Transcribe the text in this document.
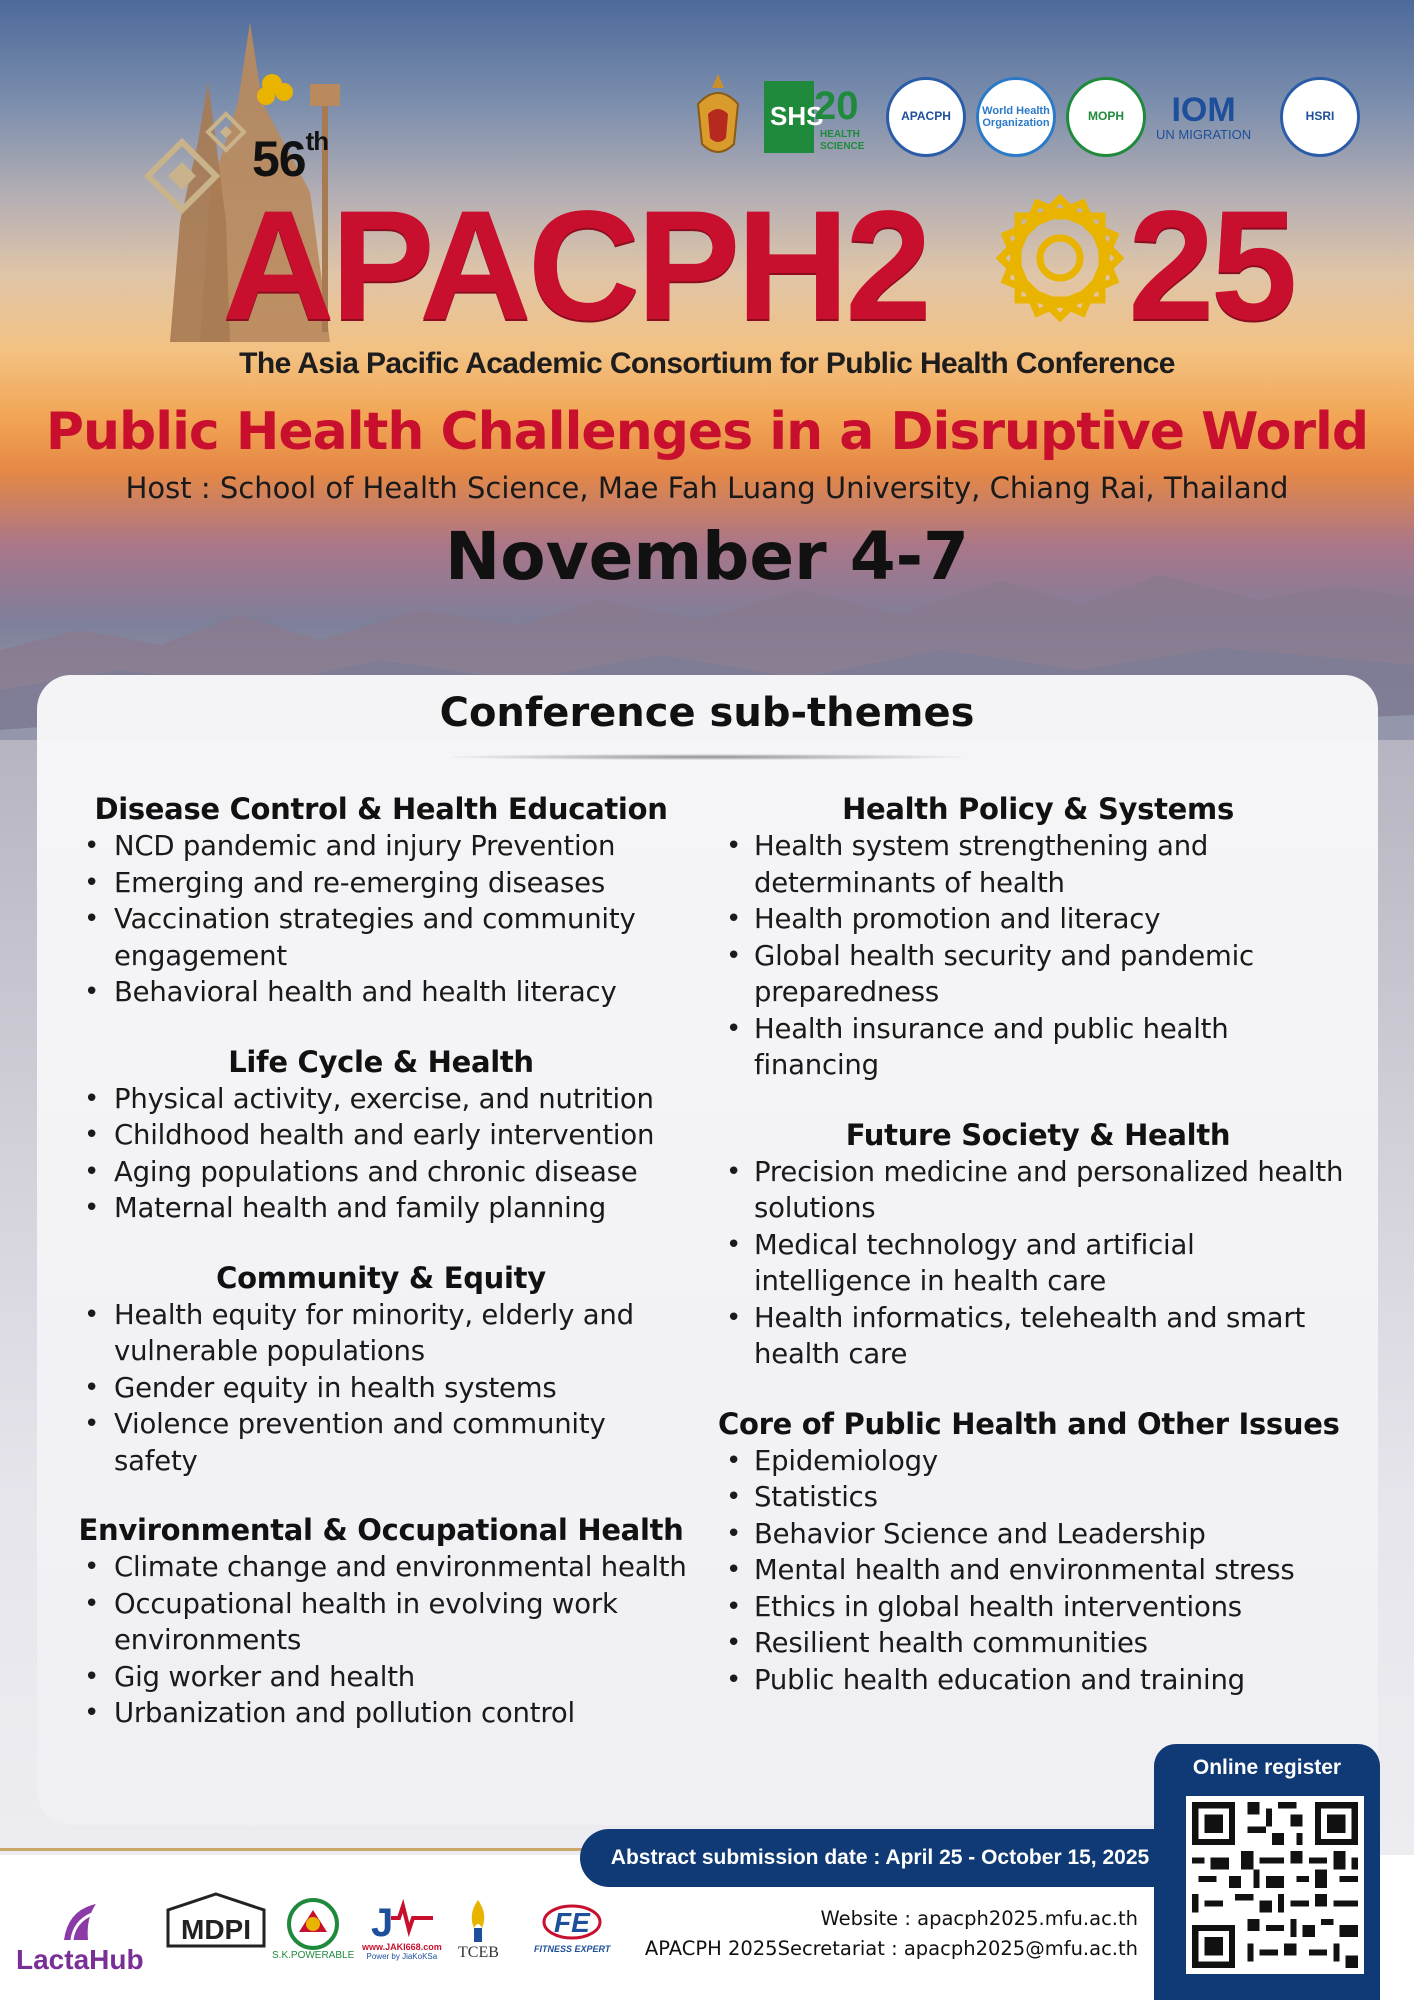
SHS
20
HEALTH
SCIENCE
APACPH	World Health Organization	MOPH IOM
UN MIGRATION
HSRI
56th
APACPH2 25
The Asia Pacific Academic Consortium for Public Health Conference
Public Health Challenges in a Disruptive World
Host : School of Health Science, Mae Fah Luang University, Chiang Rai, Thailand
November 4-7
Conference sub-themes
Disease Control & Health Education
• NCD pandemic and injury Prevention
• Emerging and re-emerging diseases
• Vaccination strategies and community engagement
• Behavioral health and health literacy
Life Cycle & Health
• Physical activity, exercise, and nutrition
• Childhood health and early intervention
• Aging populations and chronic disease
• Maternal health and family planning
Community & Equity
• Health equity for minority, elderly and vulnerable populations
• Gender equity in health systems
• Violence prevention and community safety
Environmental & Occupational Health
• Climate change and environmental health
• Occupational health in evolving work environments
• Gig worker and health
• Urbanization and pollution control
Health Policy & Systems
• Health system strengthening and determinants of health
• Health promotion and literacy
• Global health security and pandemic preparedness
• Health insurance and public health financing
Future Society & Health
• Precision medicine and personalized health solutions
• Medical technology and artificial intelligence in health care
• Health informatics, telehealth and smart health care
Core of Public Health and Other Issues
• Epidemiology
• Statistics
• Behavior Science and Leadership
• Mental health and environmental stress
• Ethics in global health interventions
• Resilient health communities
• Public health education and training
Online register
Abstract submission date : April 25 - October 15, 2025
Website : apacph2025.mfu.ac.th
APACPH 2025Secretariat : apacph2025@mfu.ac.th
LactaHub
MDPI
S.K.POWERABLE
J
www.JAKI668.com
Power by JiaKoKSa TCEB
FE
FITNESS EXPERT
